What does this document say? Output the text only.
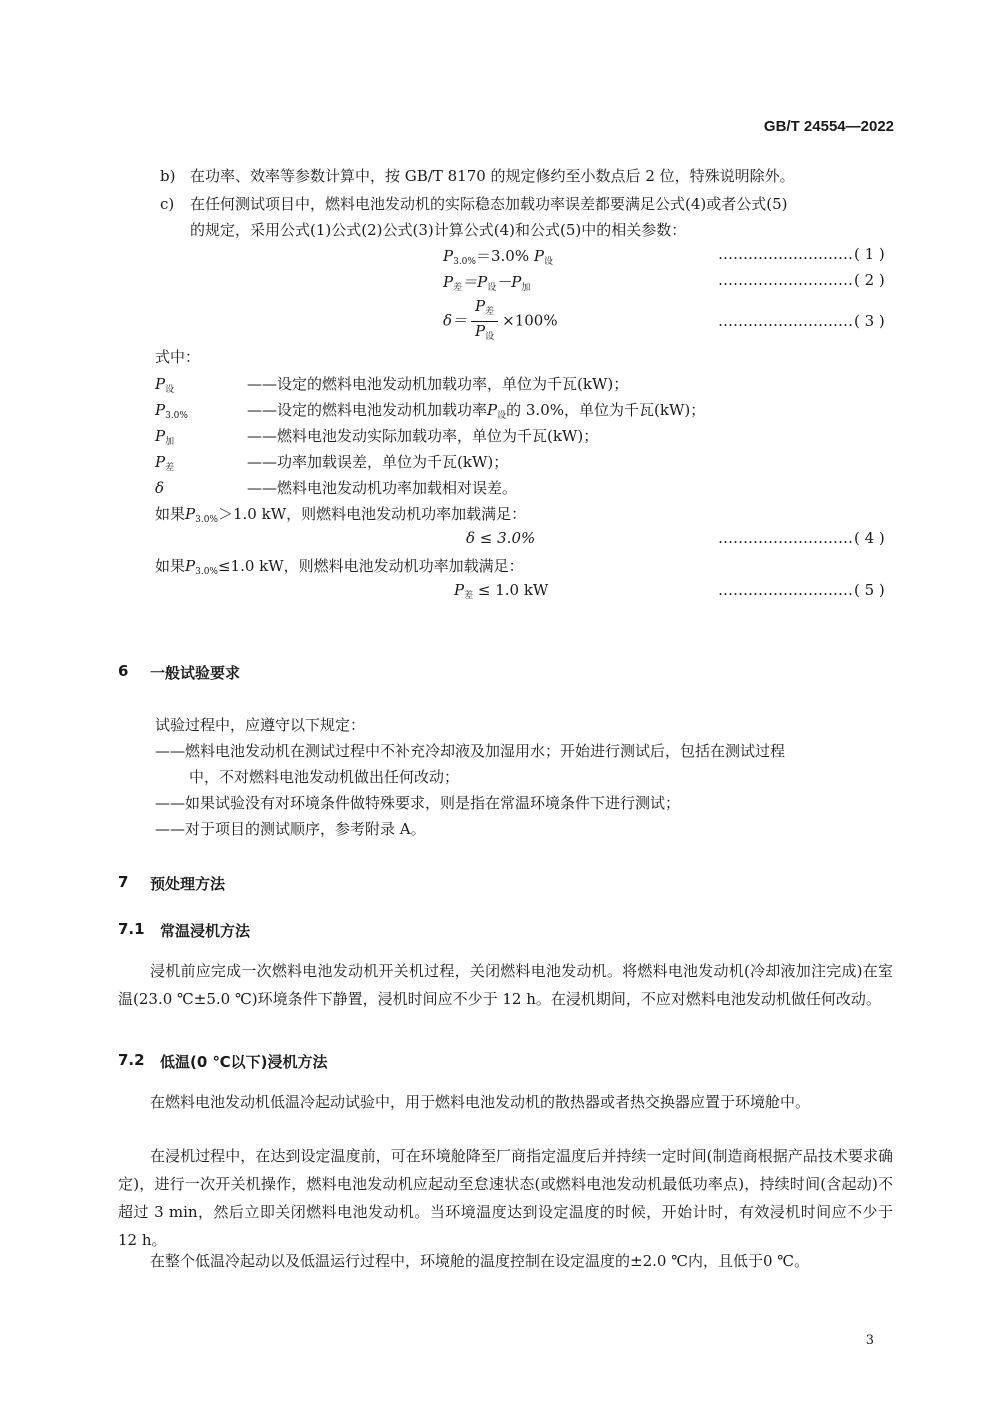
GB/T 24554—2022
b) 在功率、效率等参数计算中，按 GB/T 8170 的规定修约至小数点后 2 位，特殊说明除外。
c) 在任何测试项目中，燃料电池发动机的实际稳态加载功率误差都要满足公式(4)或者公式(5)
的规定，采用公式(1)公式(2)公式(3)计算公式(4)和公式(5)中的相关参数：
$P_{3.0\%}=3.0\%$ $P_设$	……………………… ( 1 )
$P_差=P_设-P_加$	……………………… ( 2 )
$\delta= \frac{P_差}{P_设} \times 100\%$	……………………… ( 3 )
式中：
$P_设$	——设定的燃料电池发动机加载功率，单位为千瓦(kW)；
$P_{3.0\%}$	——设定的燃料电池发动机加载功率$P_设$的 3.0%，单位为千瓦(kW)；
$P_加$	——燃料电池发动实际加载功率，单位为千瓦(kW)；
$P_差$	——功率加载误差，单位为千瓦(kW)；
δ	——燃料电池发动机功率加载相对误差。
如果$P_{3.0\%}>1.0$ kW，则燃料电池发动机功率加载满足：
δ ≤ 3.0%	……………………… ( 4 )
如果$P_{3.0\%}\le 1.0$ kW，则燃料电池发动机功率加载满足：
$P_差 \le 1.0$ kW	……………………… ( 5 )
6 一般试验要求
试验过程中，应遵守以下规定：
——燃料电池发动机在测试过程中不补充冷却液及加湿用水；开始进行测试后，包括在测试过程
中，不对燃料电池发动机做出任何改动；
——如果试验没有对环境条件做特殊要求，则是指在常温环境条件下进行测试；
——对于项目的测试顺序，参考附录 A。
7 预处理方法
7.1 常温浸机方法
浸机前应完成一次燃料电池发动机开关机过程，关闭燃料电池发动机。将燃料电池发动机(冷却液加注完成)在室温(23.0 ℃±5.0 ℃)环境条件下静置，浸机时间应不少于 12 h。在浸机期间，不应对燃料电池发动机做任何改动。
7.2 低温(0 ℃以下)浸机方法
在燃料电池发动机低温冷起动试验中，用于燃料电池发动机的散热器或者热交换器应置于环境舱中。
在浸机过程中，在达到设定温度前，可在环境舱降至厂商指定温度后并持续一定时间(制造商根据产品技术要求确定)，进行一次开关机操作，燃料电池发动机应起动至怠速状态(或燃料电池发动机最低功率点)，持续时间(含起动)不超过 3 min，然后立即关闭燃料电池发动机。当环境温度达到设定温度的时候，开始计时，有效浸机时间应不少于 12 h。
在整个低温冷起动以及低温运行过程中，环境舱的温度控制在设定温度的±2.0 ℃内，且低于0 ℃。
3
